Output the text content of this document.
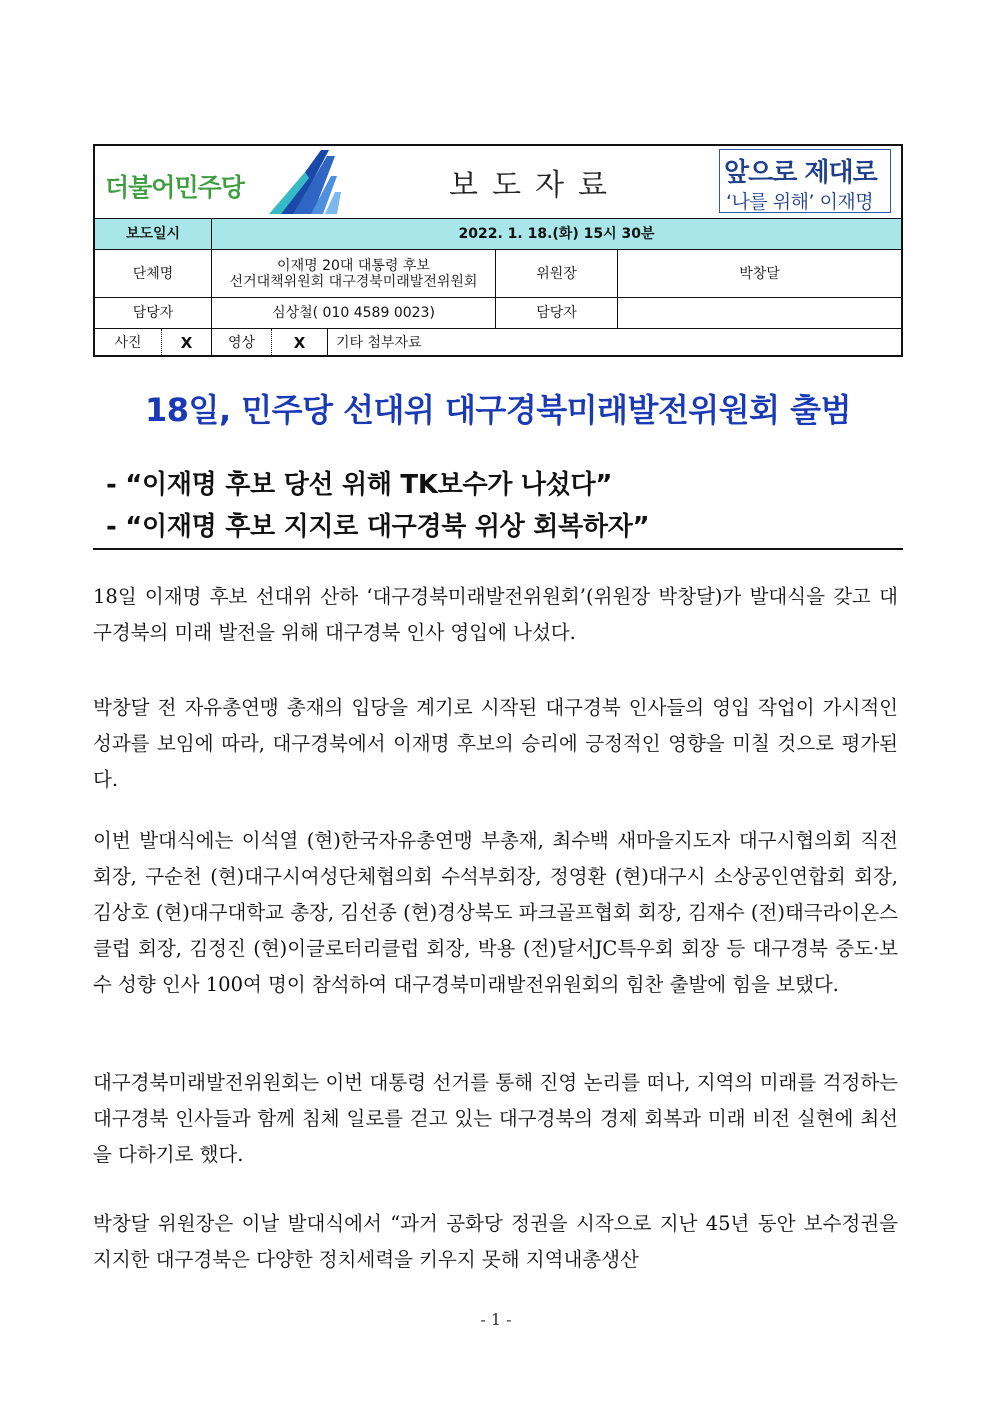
더불어민주당	보도자료	앞으로 제대로
‘나를 위해’ 이재명
보도일시	2022. 1. 18.(화) 15시 30분
단체명	이재명 20대 대통령 후보
선거대책위원회 대구경북미래발전위원회	위원장	박창달
담당자	심상철( 010 4589 0023)	담당자
사진	X	영상	X	기타 첨부자료
18일, 민주당 선대위 대구경북미래발전위원회 출범
- “이재명 후보 당선 위해 TK보수가 나섰다”
- “이재명 후보 지지로 대구경북 위상 회복하자”
18일 이재명 후보 선대위 산하 ‘대구경북미래발전위원회’(위원장 박창달)가 발대식을 갖고 대구경북의 미래 발전을 위해 대구경북 인사 영입에 나섰다.
박창달 전 자유총연맹 총재의 입당을 계기로 시작된 대구경북 인사들의 영입 작업이 가시적인 성과를 보임에 따라, 대구경북에서 이재명 후보의 승리에 긍정적인 영향을 미칠 것으로 평가된다.
이번 발대식에는 이석열 (현)한국자유총연맹 부총재, 최수백 새마을지도자 대구시협의회 직전회장, 구순천 (현)대구시여성단체협의회 수석부회장, 정영환 (현)대구시 소상공인연합회 회장, 김상호 (현)대구대학교 총장, 김선종 (현)경상북도 파크골프협회 회장, 김재수 (전)태극라이온스클럽 회장, 김정진 (현)이글로터리클럽 회장, 박용 (전)달서JC특우회 회장 등 대구경북 중도·보수 성향 인사 100여 명이 참석하여 대구경북미래발전위원회의 힘찬 출발에 힘을 보탰다.
대구경북미래발전위원회는 이번 대통령 선거를 통해 진영 논리를 떠나, 지역의 미래를 걱정하는 대구경북 인사들과 함께 침체 일로를 걷고 있는 대구경북의 경제 회복과 미래 비전 실현에 최선을 다하기로 했다.
박창달 위원장은 이날 발대식에서 “과거 공화당 정권을 시작으로 지난 45년 동안 보수정권을 지지한 대구경북은 다양한 정치세력을 키우지 못해 지역내총생산
- 1 -
